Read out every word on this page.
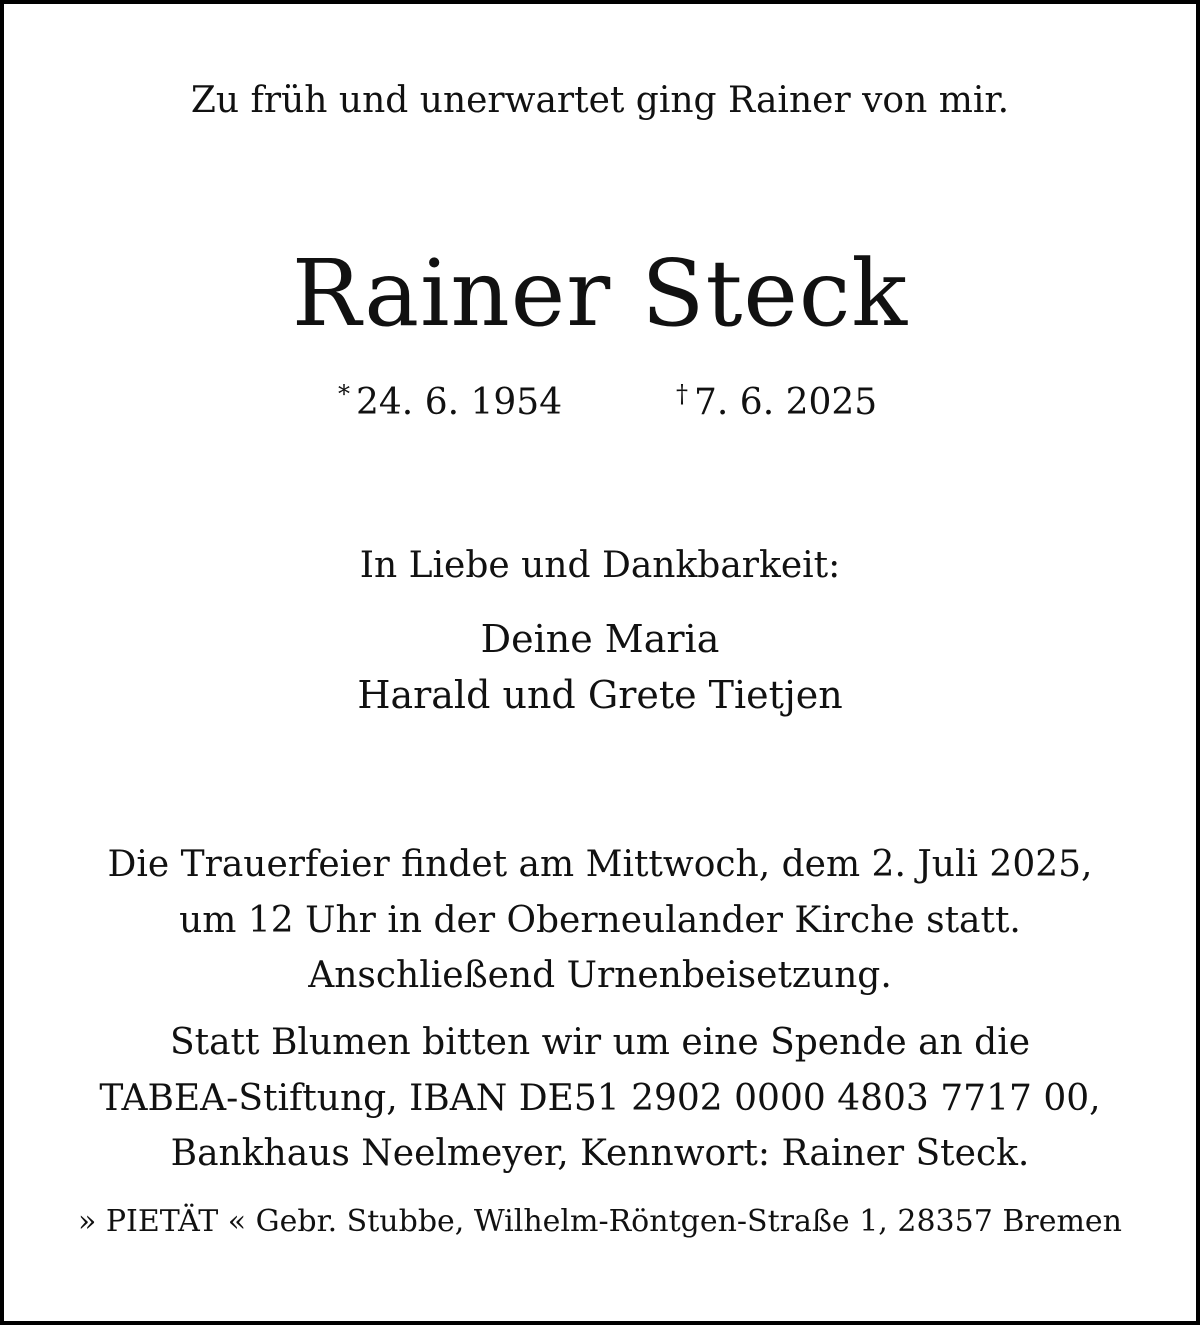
Zu früh und unerwartet ging Rainer von mir.
Rainer Steck
* 24. 6. 1954	† 7. 6. 2025
In Liebe und Dankbarkeit:
Deine Maria
Harald und Grete Tietjen
Die Trauerfeier findet am Mittwoch, dem 2. Juli 2025,
um 12 Uhr in der Oberneulander Kirche statt.
Anschließend Urnenbeisetzung.
Statt Blumen bitten wir um eine Spende an die
TABEA-Stiftung, IBAN DE51 2902 0000 4803 7717 00,
Bankhaus Neelmeyer, Kennwort: Rainer Steck.
» PIETÄT « Gebr. Stubbe, Wilhelm-Röntgen-Straße 1, 28357 Bremen
